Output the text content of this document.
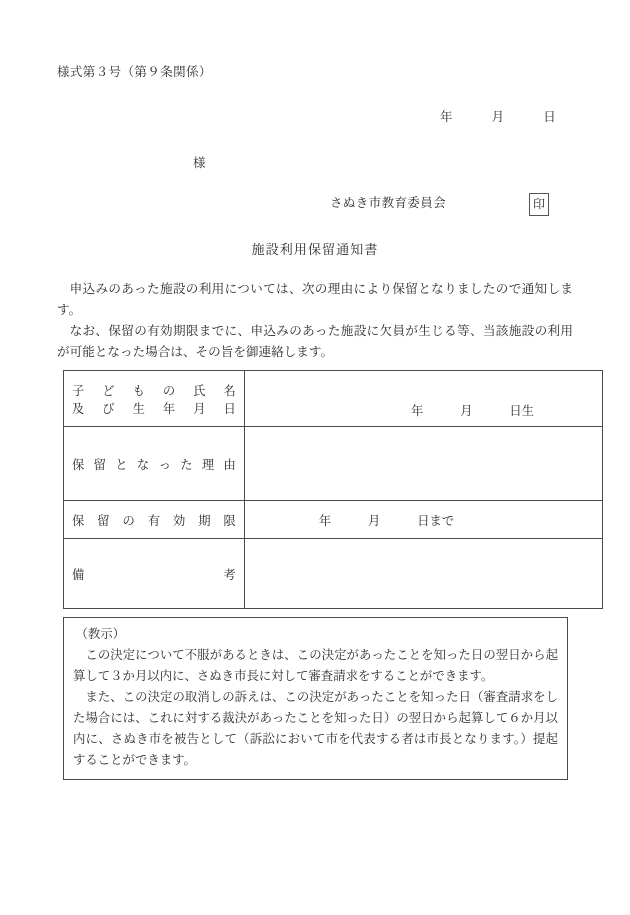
様式第３号（第９条関係）
年　　　月　　　日
様
さぬき市教育委員会	印
施設利用保留通知書

申込みのあった施設の利用については、次の理由により保留となりましたので通知します。

なお、保留の有効期限までに、申込みのあった施設に欠員が生じる等、当該施設の利用が可能となった場合は、その旨を御連絡します。

子どもの氏名
及び生年月日	年　　　月　　　日生

保留となった理由	
保留の有効期限	年　　　月　　　日まで

備考	

（教示）

この決定について不服があるときは、この決定があったことを知った日の翌日から起算して３か月以内に、さぬき市長に対して審査請求をすることができます。

また、この決定の取消しの訴えは、この決定があったことを知った日（審査請求をした場合には、これに対する裁決があったことを知った日）の翌日から起算して６か月以内に、さぬき市を被告として（訴訟において市を代表する者は市長となります。）提起することができます。
